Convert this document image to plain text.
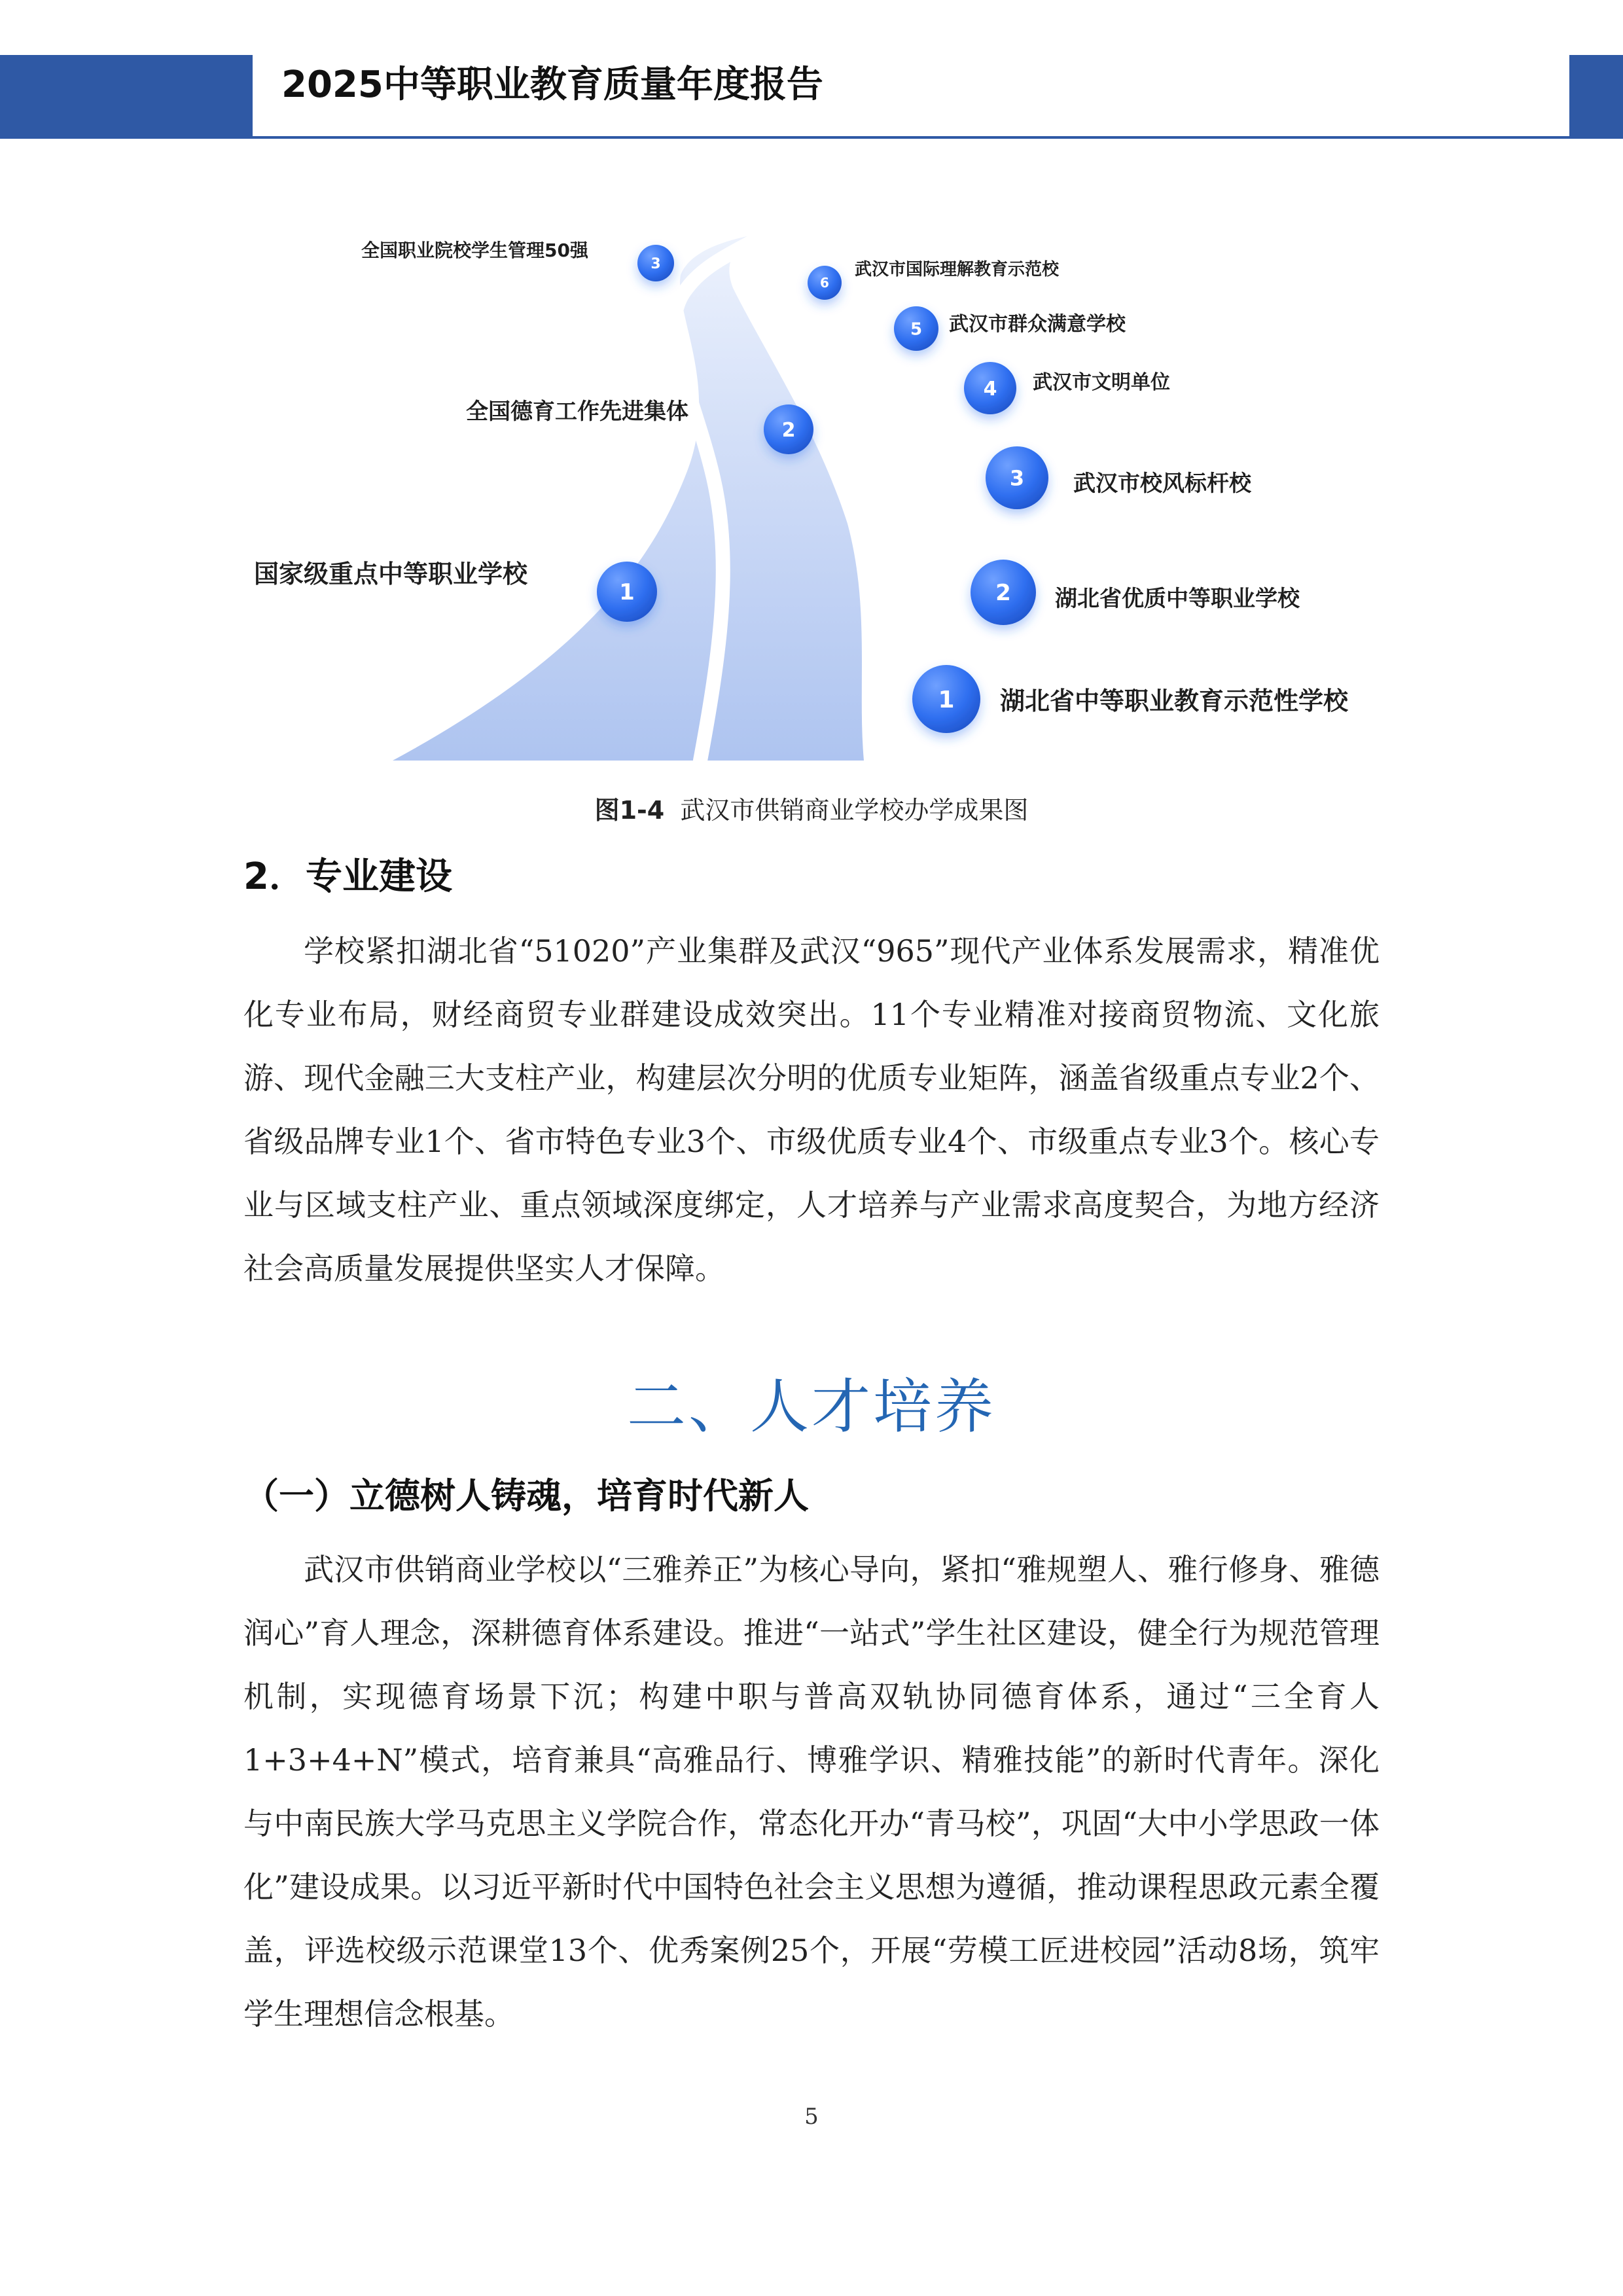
2025中等职业教育质量年度报告
1
国家级重点中等职业学校
2
全国德育工作先进集体
3
全国职业院校学生管理50强
1 湖北省中等职业教育示范性学校
2 湖北省优质中等职业学校
3 武汉市校风标杆校
4 武汉市文明单位
5 武汉市群众满意学校
6
武汉市国际理解教育示范校
图1-4 武汉市供销商业学校办学成果图
2．专业建设

学校紧扣湖北省“51020”产业集群及武汉“965”现代产业体系发展需求，精准优化专业布局，财经商贸专业群建设成效突出。11个专业精准对接商贸物流、文化旅游、现代金融三大支柱产业，构建层次分明的优质专业矩阵，涵盖省级重点专业2个、省级品牌专业1个、省市特色专业3个、市级优质专业4个、市级重点专业3个。核心专业与区域支柱产业、重点领域深度绑定，人才培养与产业需求高度契合，为地方经济社会高质量发展提供坚实人才保障。

二、人才培养
（一）立德树人铸魂，培育时代新人

武汉市供销商业学校以“三雅养正”为核心导向，紧扣“雅规塑人、雅行修身、雅德润心”育人理念，深耕德育体系建设。推进“一站式”学生社区建设，健全行为规范管理机制，实现德育场景下沉；构建中职与普高双轨协同德育体系，通过“三全育人1+3+4+N”模式，培育兼具“高雅品行、博雅学识、精雅技能”的新时代青年。深化与中南民族大学马克思主义学院合作，常态化开办“青马校”，巩固“大中小学思政一体化”建设成果。以习近平新时代中国特色社会主义思想为遵循，推动课程思政元素全覆盖，评选校级示范课堂13个、优秀案例25个，开展“劳模工匠进校园”活动8场，筑牢学生理想信念根基。

5
